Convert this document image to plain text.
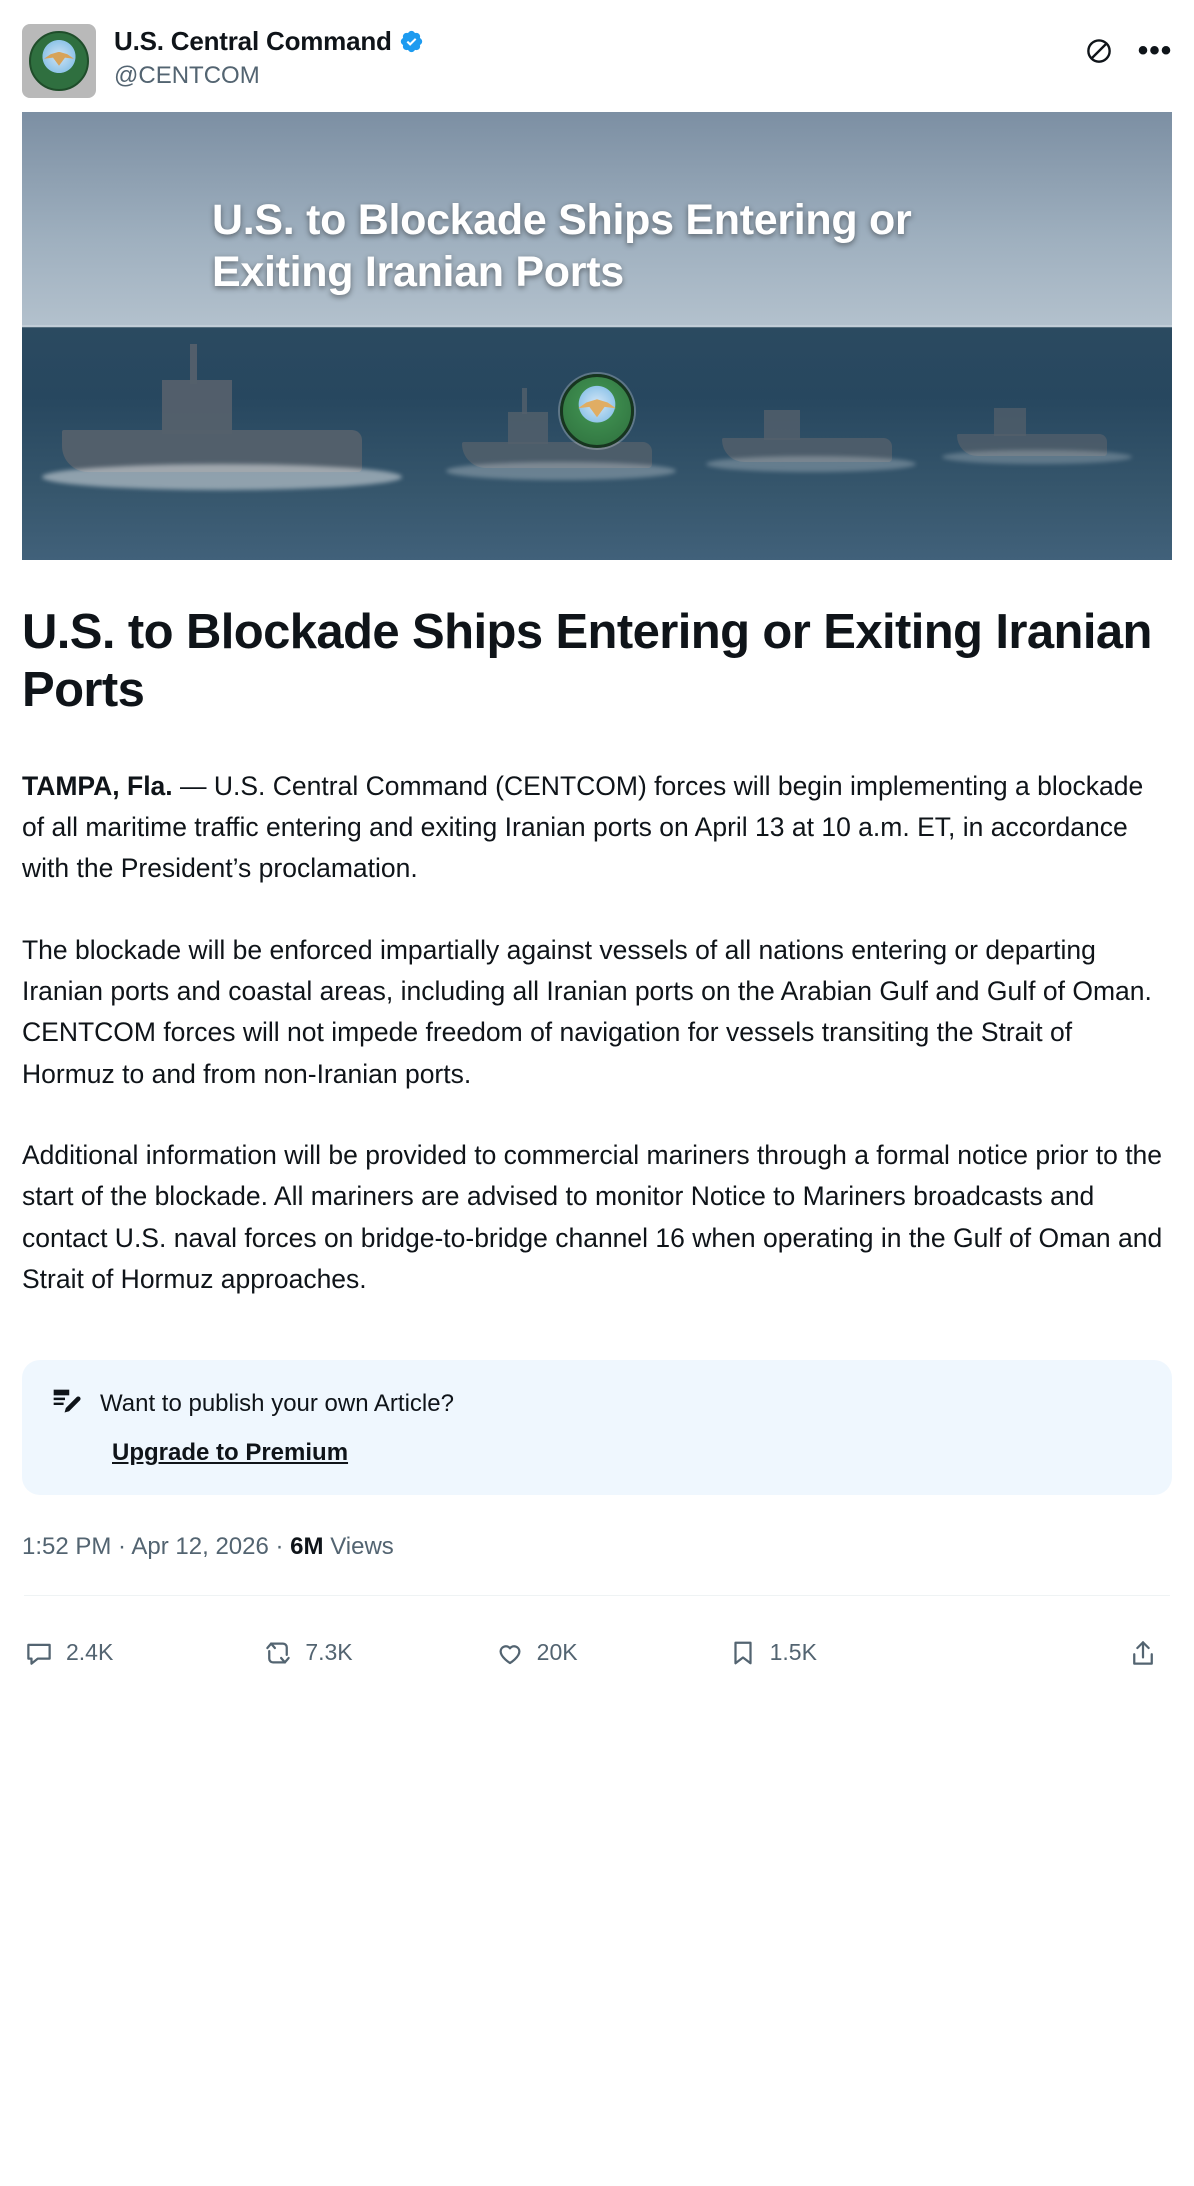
U.S. Central Command
@CENTCOM
•••
U.S. to Blockade Ships Entering or Exiting Iranian Ports
U.S. to Blockade Ships Entering or Exiting Iranian Ports

TAMPA, Fla. — U.S. Central Command (CENTCOM) forces will begin implementing a blockade of all maritime traffic entering and exiting Iranian ports on April 13 at 10 a.m. ET, in accordance with the President’s proclamation.

The blockade will be enforced impartially against vessels of all nations entering or departing Iranian ports and coastal areas, including all Iranian ports on the Arabian Gulf and Gulf of Oman. CENTCOM forces will not impede freedom of navigation for vessels transiting the Strait of Hormuz to and from non-Iranian ports.

Additional information will be provided to commercial mariners through a formal notice prior to the start of the blockade. All mariners are advised to monitor Notice to Mariners broadcasts and contact U.S. naval forces on bridge-to-bridge channel 16 when operating in the Gulf of Oman and Strait of Hormuz approaches.

Want to publish your own Article?
Upgrade to Premium
1:52 PM · Apr 12, 2026 · 6M Views
2.4K	7.3K	20K	1.5K
